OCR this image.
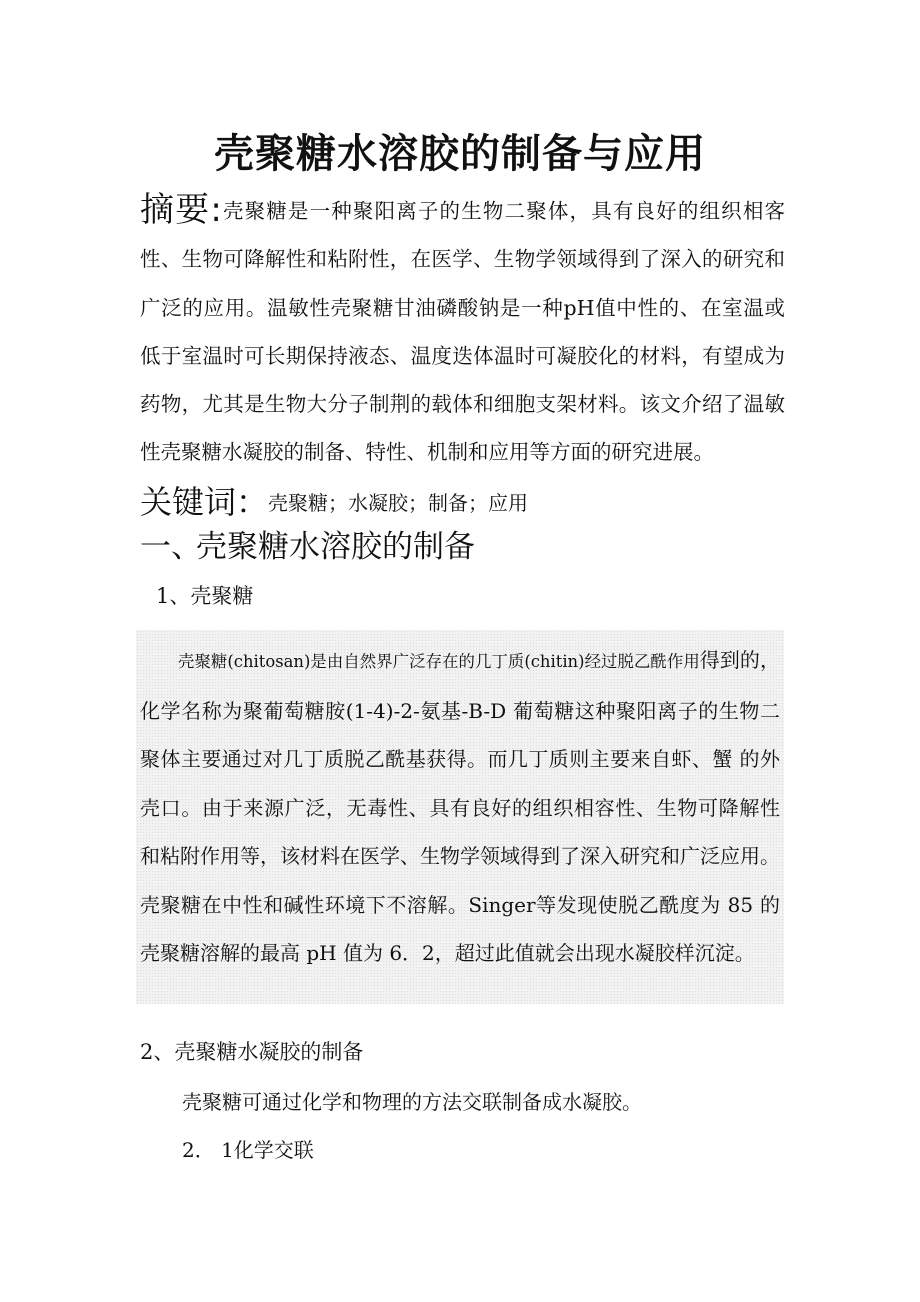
壳聚糖水溶胶的制备与应用
摘要:壳聚糖是一种聚阳离子的生物二聚体，具有良好的组织相客性、生物可降解性和粘附性，在医学、生物学领域得到了深入的研究和广泛的应用。温敏性壳聚糖甘油磷酸钠是一种pH值中性的、在室温或低于室温时可长期保持液态、温度迭体温时可凝胶化的材料，有望成为药物，尤其是生物大分子制荆的载体和细胞支架材料。该文介绍了温敏性壳聚糖水凝胶的制备、特性、机制和应用等方面的研究进展。
关键词：壳聚糖；水凝胶；制备；应用
一、壳聚糖水溶胶的制备
1、壳聚糖
壳聚糖(chitosan)是由自然界广泛存在的几丁质(chitin)经过脱乙酰作用得到的，化学名称为聚葡萄糖胺(1-4)-2-氨基-B-D 葡萄糖这种聚阳离子的生物二聚体主要通过对几丁质脱乙酰基获得。而几丁质则主要来自虾、蟹 的外壳口。由于来源广泛，无毒性、具有良好的组织相容性、生物可降解性 和粘附作用等，该材料在医学、生物学领域得到了深入研究和广泛应用。壳聚糖在中性和碱性环境下不溶解。Singer等发现使脱乙酰度为 85 的壳聚糖溶解的最高 pH 值为 6．2，超过此值就会出现水凝胶样沉淀。
2、壳聚糖水凝胶的制备
壳聚糖可通过化学和物理的方法交联制备成水凝胶。
2． 1化学交联
